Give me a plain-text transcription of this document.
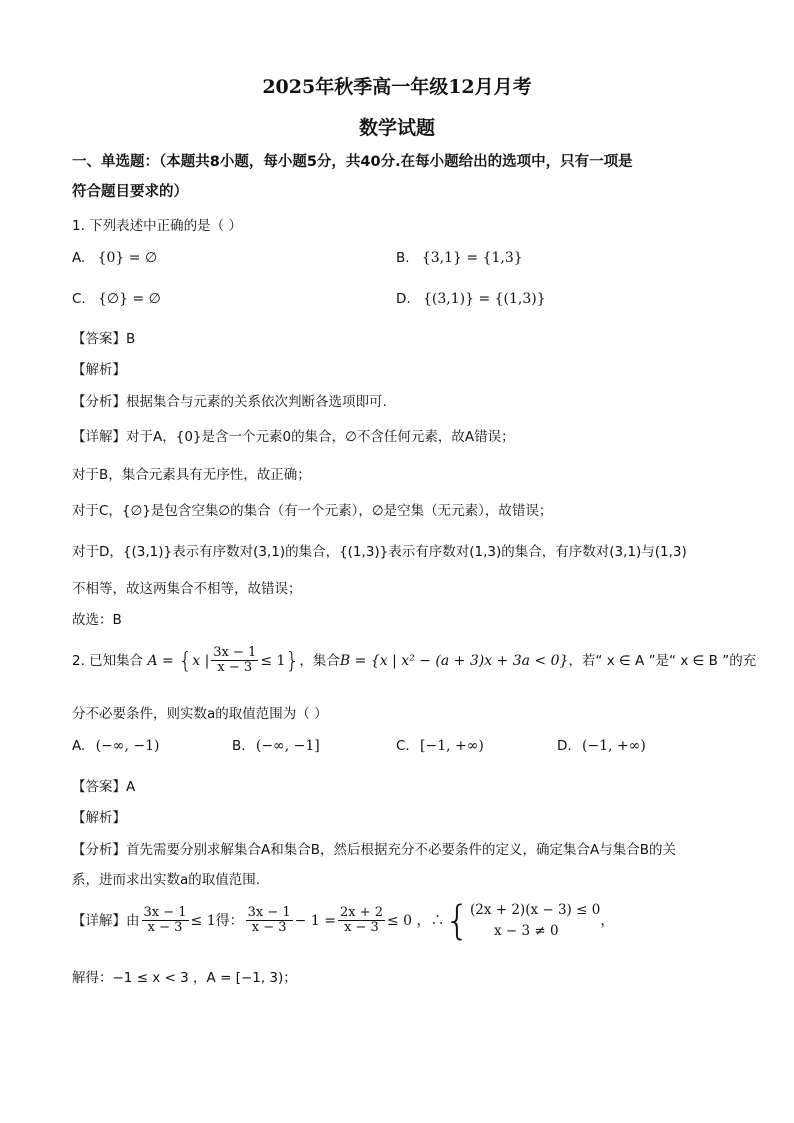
2025年秋季高一年级12月月考
数学试题
一、单选题：（本题共8小题，每小题5分，共40分.在每小题给出的选项中，只有一项是
符合题目要求的）
1. 下列表述中正确的是（ ）
A. {0} = ∅	B. {3,1} = {1,3}
C. {∅} = ∅	D. {(3,1)} = {(1,3)}
【答案】B
【解析】
【分析】根据集合与元素的关系依次判断各选项即可.
【详解】对于A，{0}是含一个元素0的集合，∅不含任何元素，故A错误；
对于B，集合元素具有无序性，故正确；
对于C，{∅}是包含空集∅的集合（有一个元素），∅是空集（无元素），故错误；
对于D，{(3,1)}表示有序数对(3,1)的集合，{(1,3)}表示有序数对(1,3)的集合，有序数对(3,1)与(1,3)
不相等，故这两集合不相等，故错误；
故选：B
2. 已知集合 A = {x | $\frac{3x - 1}{x - 3} \le 1$}，集合B = {x | x² − (a + 3)x + 3a < 0}，若“ x ∈ A ”是“ x ∈ B ”的充
分不必要条件，则实数a的取值范围为（ ）
A. (−∞, −1)	B. (−∞, −1]	C. [−1, +∞)	D. (−1, +∞)
【答案】A
【解析】
【分析】首先需要分别求解集合A和集合B，然后根据充分不必要条件的定义，确定集合A与集合B的关
系，进而求出实数a的取值范围.
【详解】由 $\frac{3x - 1}{x - 3} \le 1$得： $\frac{3x - 1}{x - 3} - 1 = \frac{2x + 2}{x - 3} \le 0$ ，∴{ (2x + 2)(x − 3) ≤ 0
x − 3 ≠ 0
，
解得：−1 ≤ x < 3 ，A = [−1, 3)；
